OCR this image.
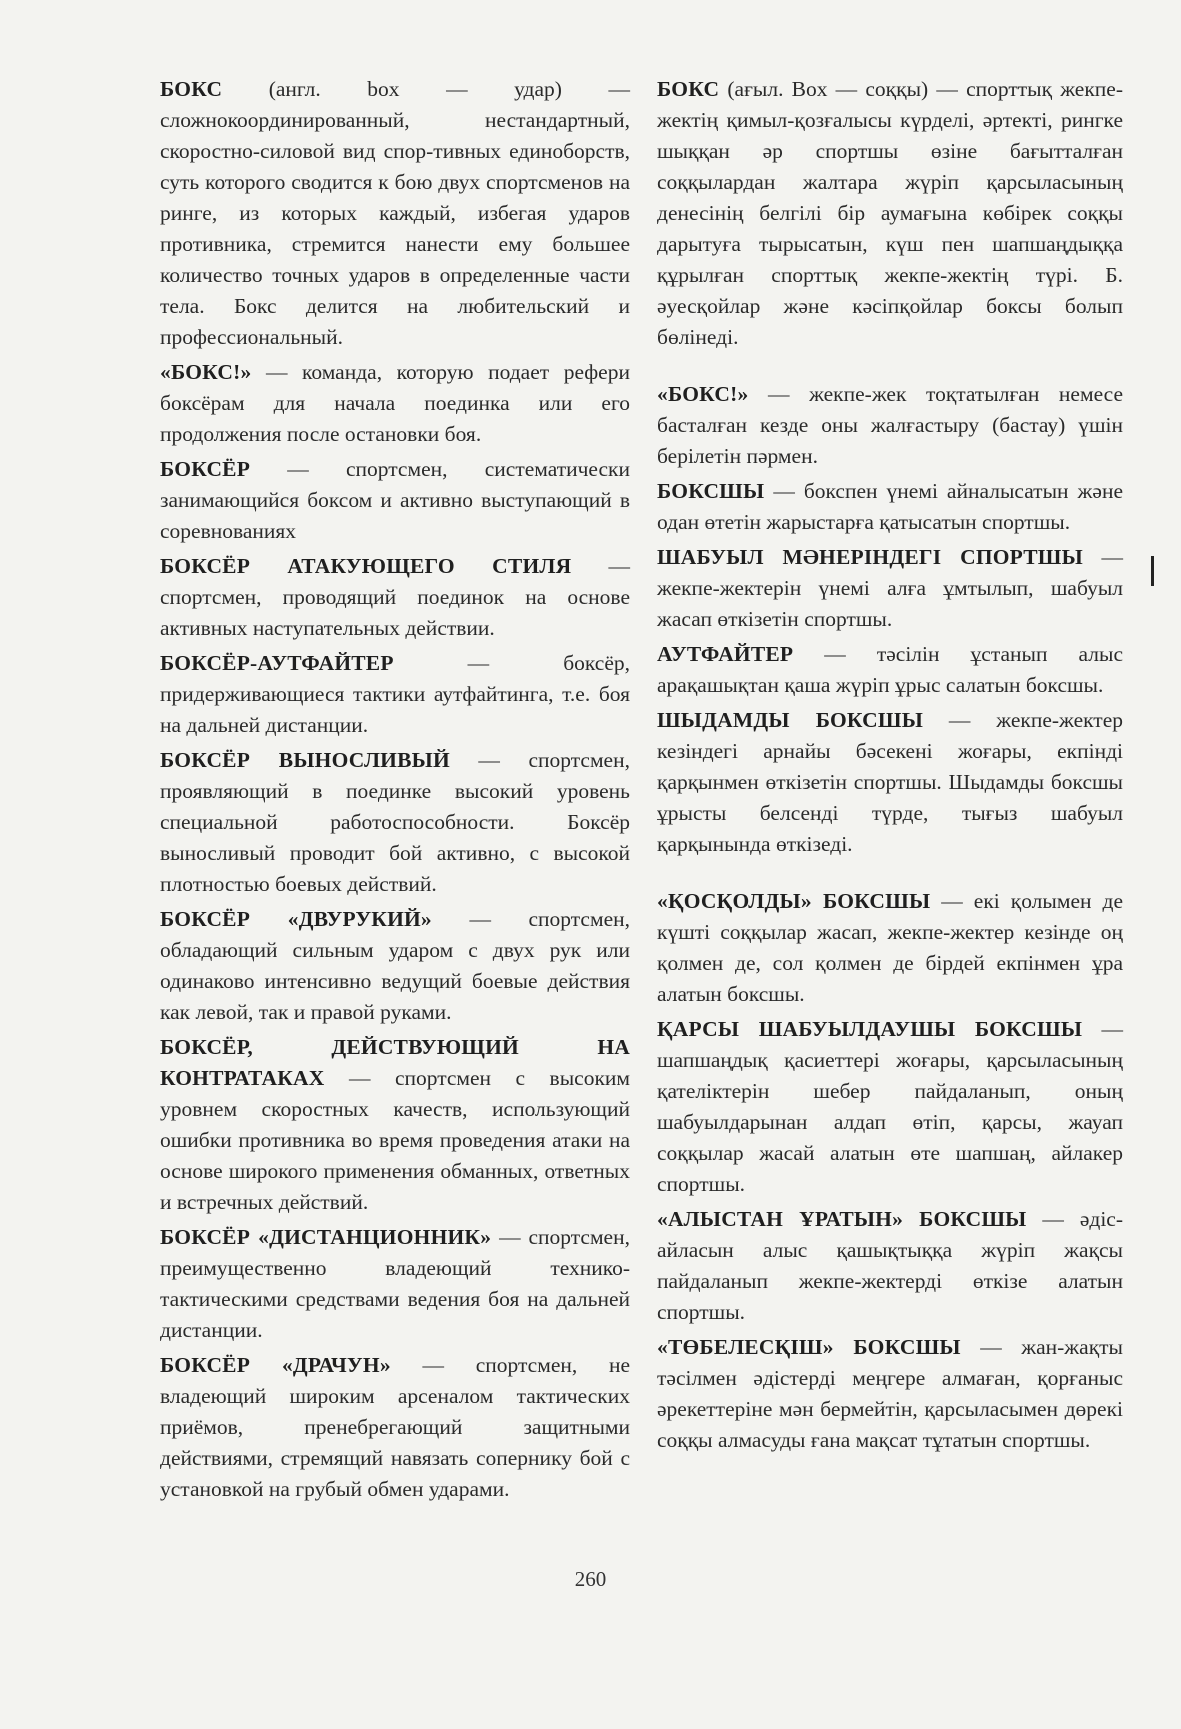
БОКС (англ. box — удар) — сложнокоординированный, нестандартный, скоростно-силовой вид спор-тивных единоборств, суть которого сводится к бою двух спортсменов на ринге, из которых каждый, избегая ударов противника, стремится нанести ему большее количество точных ударов в определенные части тела. Бокс делится на любительский и профессиональный.

«БОКС!» — команда, которую подает рефери боксёрам для начала поединка или его продолжения после остановки боя.

БОКСЁР — спортсмен, систематически занимающийся боксом и активно выступающий в соревнованиях

БОКСЁР АТАКУЮЩЕГО СТИЛЯ — спортсмен, проводящий поединок на основе активных наступательных действии.

БОКСЁР-АУТФАЙТЕР — боксёр, придерживающиеся тактики аутфайтинга, т.е. боя на дальней дистанции.

БОКСЁР ВЫНОСЛИВЫЙ — спортсмен, проявляющий в поединке высокий уровень специальной работоспособности. Боксёр выносливый проводит бой активно, с высокой плотностью боевых действий.

БОКСЁР «ДВУРУКИЙ» — спортсмен, обладающий сильным ударом с двух рук или одинаково интенсивно ведущий боевые действия как левой, так и правой руками.

БОКСЁР, ДЕЙСТВУЮЩИЙ НА КОНТРАТАКАХ — спортсмен с высоким уровнем скоростных качеств, использующий ошибки противника во время проведения атаки на основе широкого применения обманных, ответных и встречных действий.

БОКСЁР «ДИСТАНЦИОННИК» — спортсмен, преимущественно владеющий технико-тактическими средствами ведения боя на дальней дистанции.

БОКСЁР «ДРАЧУН» — спортсмен, не владеющий широким арсеналом тактических приёмов, пренебрегающий защитными действиями, стремящий навязать сопернику бой с установкой на грубый обмен ударами.

БОКС (ағыл. Box — соққы) — спорттық жекпе-жектің қимыл-қозғалысы күрделі, әртекті, рингке шыққан әр спортшы өзіне бағытталған соққылардан жалтара жүріп қарсыласының денесінің белгілі бір аумағына көбірек соққы дарытуға тырысатын, күш пен шапшаңдыққа құрылған спорттық жекпе-жектің түрі. Б. әуесқойлар және кәсіпқойлар боксы болып бөлінеді.

«БОКС!» — жекпе-жек тоқтатылған немесе басталған кезде оны жалғастыру (бастау) үшін берілетін пәрмен.

БОКСШЫ — бокспен үнемі айналысатын және одан өтетін жарыстарға қатысатын спортшы.

ШАБУЫЛ МӘНЕРІНДЕГІ СПОРТШЫ — жекпе-жектерін үнемі алға ұмтылып, шабуыл жасап өткізетін спортшы.

АУТФАЙТЕР — тәсілін ұстанып алыс арақашықтан қаша жүріп ұрыс салатын боксшы.

ШЫДАМДЫ БОКСШЫ — жекпе-жектер кезіндегі арнайы бәсекені жоғары, екпінді қарқынмен өткізетін спортшы. Шыдамды боксшы ұрысты белсенді түрде, тығыз шабуыл қарқынында өткізеді.

«ҚОСҚОЛДЫ» БОКСШЫ — екі қолымен де күшті соққылар жасап, жекпе-жектер кезінде оң қолмен де, сол қолмен де бірдей екпінмен ұра алатын боксшы.

ҚАРСЫ ШАБУЫЛДАУШЫ БОКСШЫ — шапшаңдық қасиеттері жоғары, қарсыласының қателіктерін шебер пайдаланып, оның шабуылдарынан алдап өтіп, қарсы, жауап соққылар жасай алатын өте шапшаң, айлакер спортшы.

«АЛЫСТАН ҰРАТЫН» БОКСШЫ — әдіс-айласын алыс қашықтыққа жүріп жақсы пайдаланып жекпе-жектерді өткізе алатын спортшы.

«ТӨБЕЛЕСҚІШ» БОКСШЫ — жан-жақты тәсілмен әдістерді меңгере алмаған, қорғаныс әрекеттеріне мән бермейтін, қарсыласымен дөрекі соққы алмасуды ғана мақсат тұтатын спортшы.

260
